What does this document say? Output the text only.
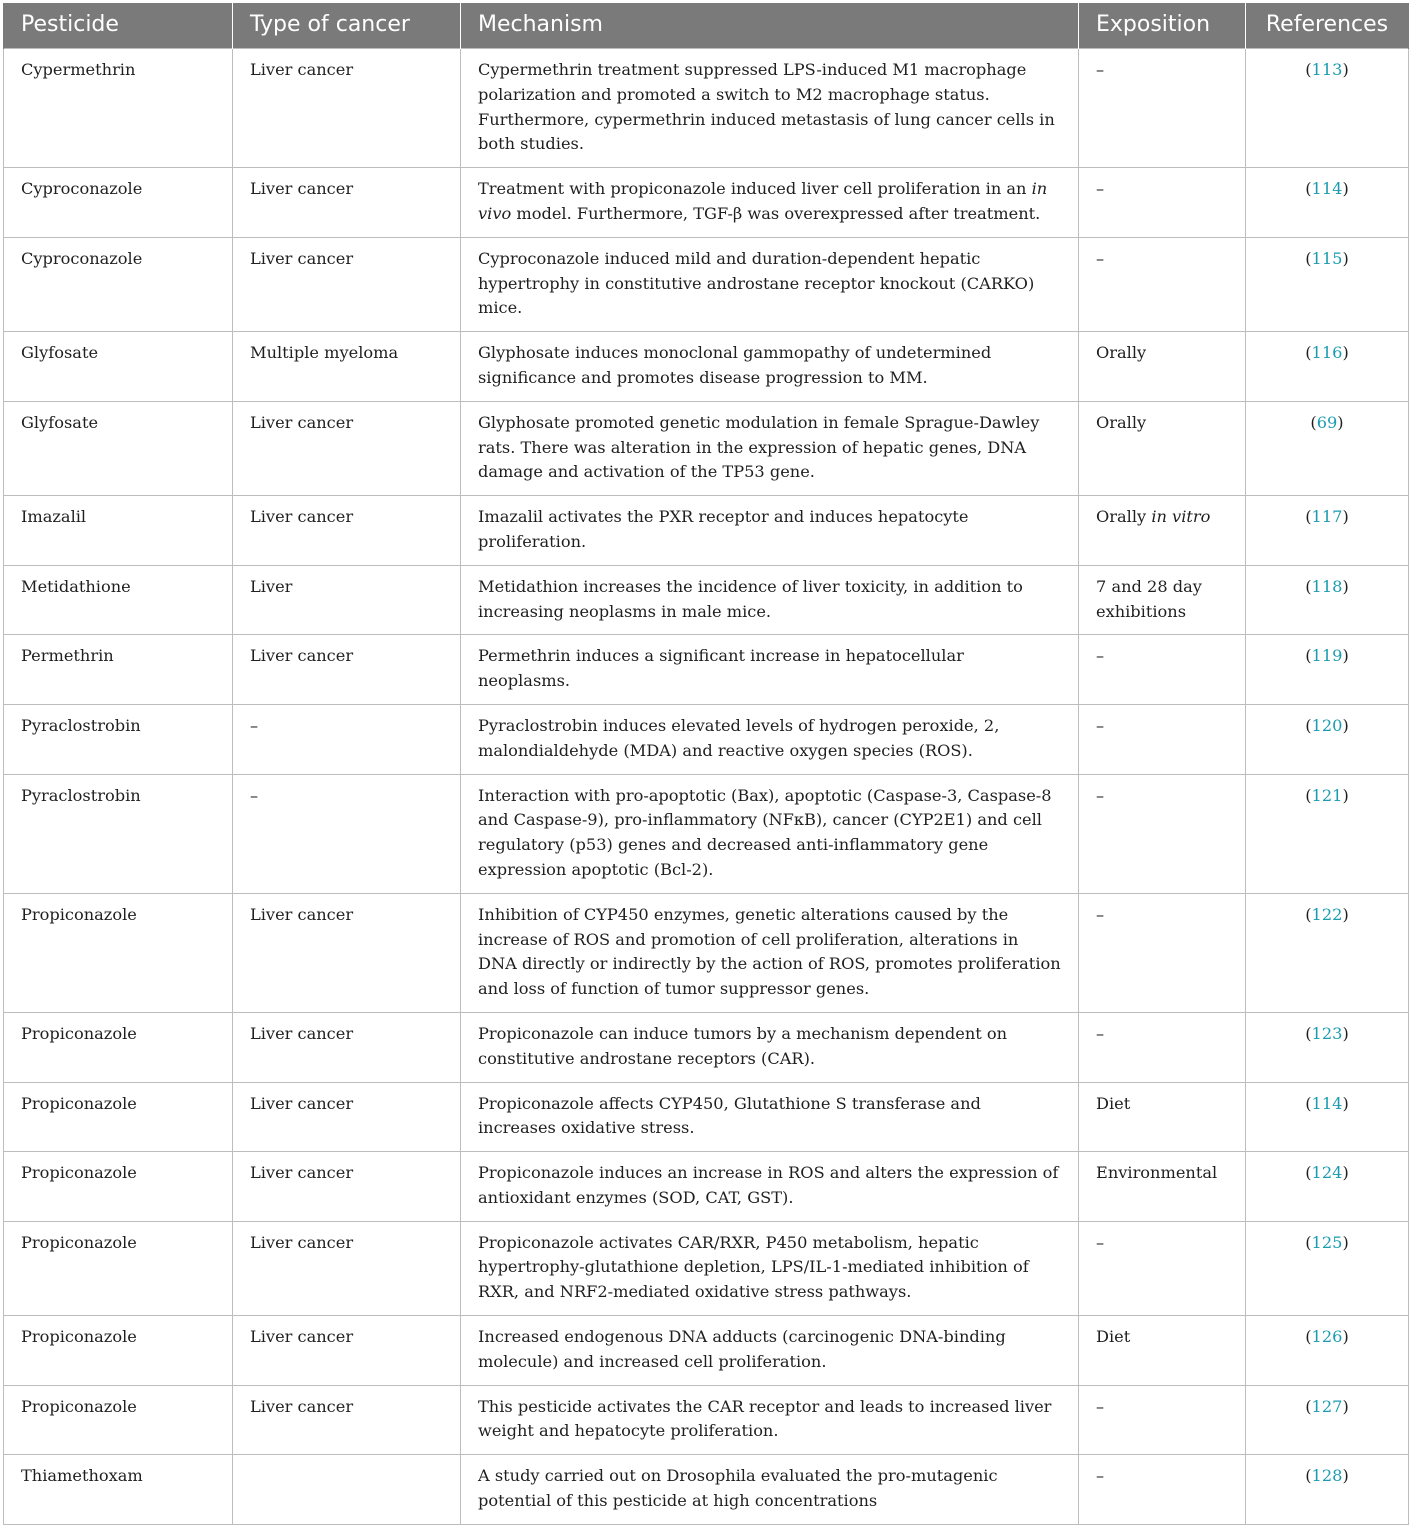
Pesticide	Type of cancer	Mechanism	Exposition	References
Cypermethrin	Liver cancer	Cypermethrin treatment suppressed LPS-induced M1 macrophage polarization and promoted a switch to M2 macrophage status. Furthermore, cypermethrin induced metastasis of lung cancer cells in both studies.	–	(113)
Cyproconazole	Liver cancer	Treatment with propiconazole induced liver cell proliferation in an in vivo model. Furthermore, TGF-β was overexpressed after treatment.	–	(114)
Cyproconazole	Liver cancer	Cyproconazole induced mild and duration-dependent hepatic hypertrophy in constitutive androstane receptor knockout (CARKO) mice.	–	(115)
Glyfosate	Multiple myeloma	Glyphosate induces monoclonal gammopathy of undetermined significance and promotes disease progression to MM.	Orally	(116)
Glyfosate	Liver cancer	Glyphosate promoted genetic modulation in female Sprague-Dawley rats. There was alteration in the expression of hepatic genes, DNA damage and activation of the TP53 gene.	Orally	(69)
Imazalil	Liver cancer	Imazalil activates the PXR receptor and induces hepatocyte proliferation.	Orally in vitro	(117)
Metidathione	Liver	Metidathion increases the incidence of liver toxicity, in addition to increasing neoplasms in male mice.	7 and 28 day exhibitions	(118)
Permethrin	Liver cancer	Permethrin induces a significant increase in hepatocellular neoplasms.	–	(119)
Pyraclostrobin	–	Pyraclostrobin induces elevated levels of hydrogen peroxide, 2, malondialdehyde (MDA) and reactive oxygen species (ROS).	–	(120)
Pyraclostrobin	–	Interaction with pro-apoptotic (Bax), apoptotic (Caspase-3, Caspase-8 and Caspase-9), pro-inflammatory (NFκB), cancer (CYP2E1) and cell regulatory (p53) genes and decreased anti-inflammatory gene expression apoptotic (Bcl-2).	–	(121)
Propiconazole	Liver cancer	Inhibition of CYP450 enzymes, genetic alterations caused by the increase of ROS and promotion of cell proliferation, alterations in DNA directly or indirectly by the action of ROS, promotes proliferation and loss of function of tumor suppressor genes.	–	(122)
Propiconazole	Liver cancer	Propiconazole can induce tumors by a mechanism dependent on constitutive androstane receptors (CAR).	–	(123)
Propiconazole	Liver cancer	Propiconazole affects CYP450, Glutathione S transferase and increases oxidative stress.	Diet	(114)
Propiconazole	Liver cancer	Propiconazole induces an increase in ROS and alters the expression of antioxidant enzymes (SOD, CAT, GST).	Environmental	(124)
Propiconazole	Liver cancer	Propiconazole activates CAR/RXR, P450 metabolism, hepatic hypertrophy-glutathione depletion, LPS/IL-1-mediated inhibition of RXR, and NRF2-mediated oxidative stress pathways.	–	(125)
Propiconazole	Liver cancer	Increased endogenous DNA adducts (carcinogenic DNA-binding molecule) and increased cell proliferation.	Diet	(126)
Propiconazole	Liver cancer	This pesticide activates the CAR receptor and leads to increased liver weight and hepatocyte proliferation.	–	(127)
Thiamethoxam		A study carried out on Drosophila evaluated the pro-mutagenic potential of this pesticide at high concentrations	–	(128)
